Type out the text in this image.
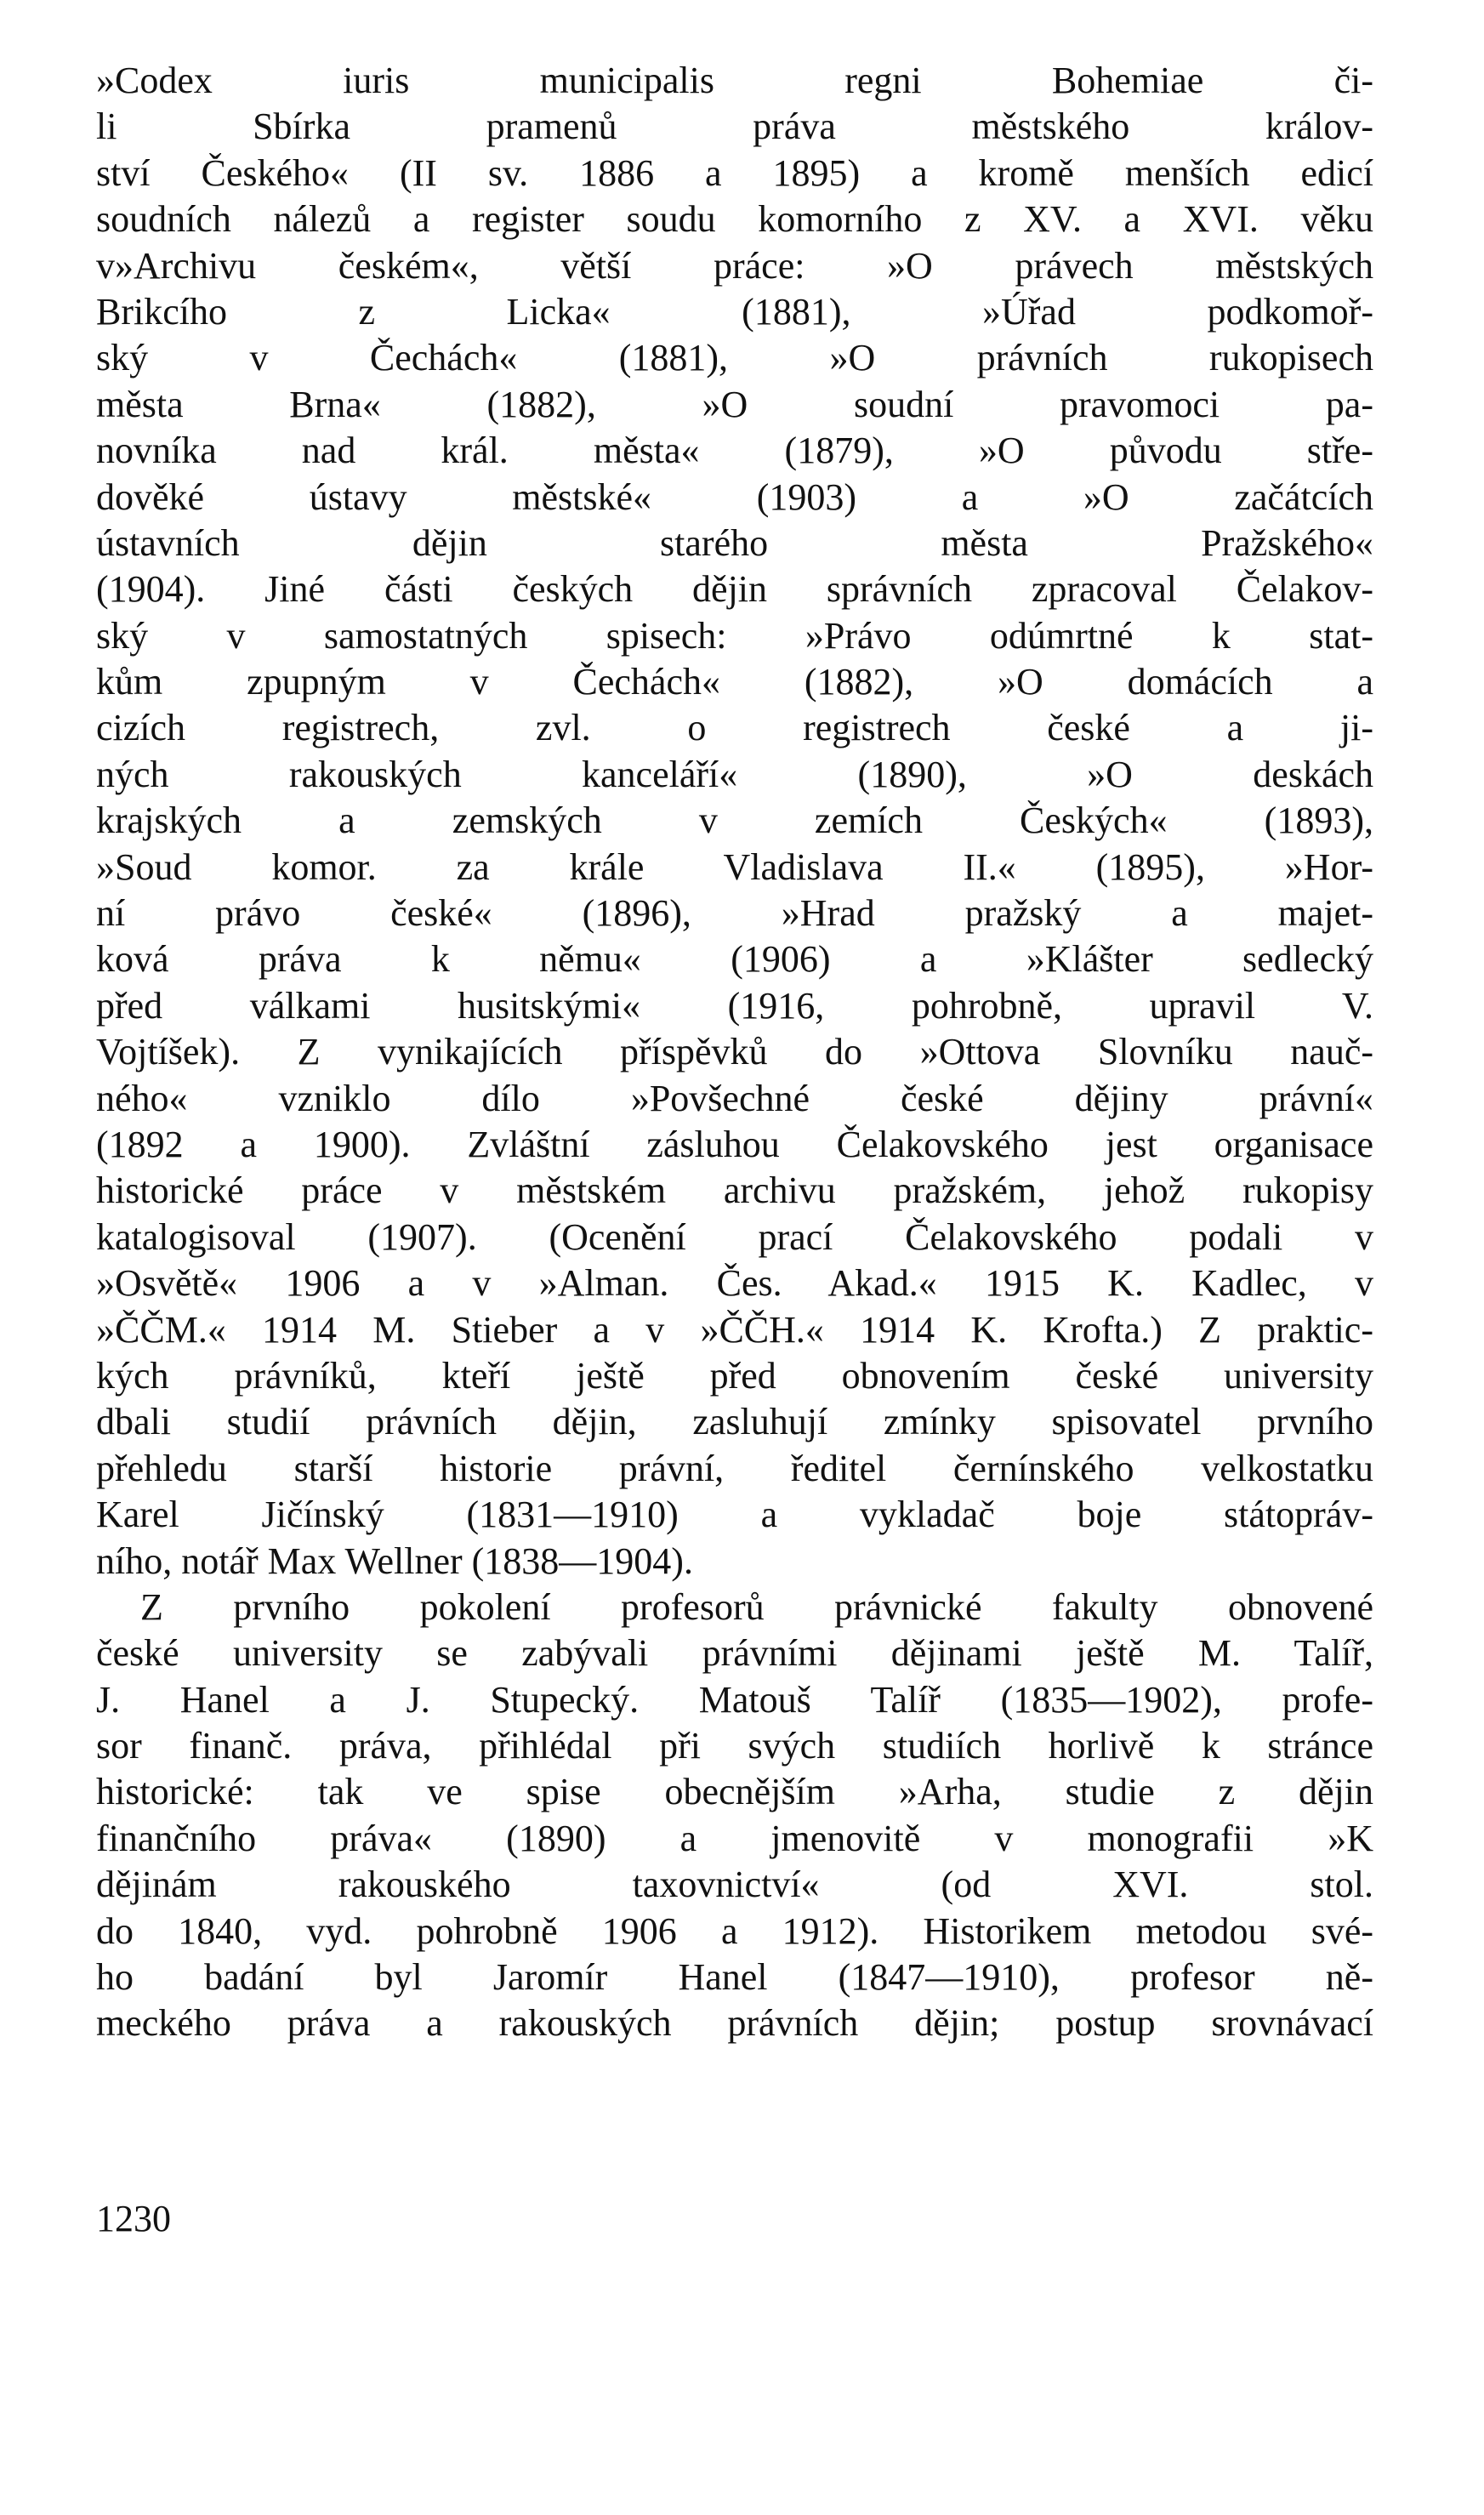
»Codex iuris municipalis regni Bohemiae či-
li Sbírka pramenů práva městského králov-
ství Českého« (II sv. 1886 a 1895) a kromě menších edicí
soudních nálezů a register soudu komorního z XV. a XVI. věku
v»Archivu českém«, větší práce: »O právech městských
Brikcího z Licka« (1881), »Úřad podkomoř-
ský v Čechách« (1881), »O právních rukopisech
města Brna« (1882), »O soudní pravomoci pa-
novníka nad král. města« (1879), »O původu stře-
dověké ústavy městské« (1903) a »O začátcích
ústavních dějin starého města Pražského«
(1904). Jiné části českých dějin správních zpracoval Čelakov-
ský v samostatných spisech: »Právo odúmrtné k stat-
kům zpupným v Čechách« (1882), »O domácích a
cizích registrech, zvl. o registrech české a ji-
ných rakouských kanceláří« (1890), »O deskách
krajských a zemských v zemích Českých« (1893),
»Soud komor. za krále Vladislava II.« (1895), »Hor-
ní právo české« (1896), »Hrad pražský a majet-
ková práva k němu« (1906) a »Klášter sedlecký
před válkami husitskými« (1916, pohrobně, upravil V.
Vojtíšek). Z vynikajících příspěvků do »Ottova Slovníku nauč-
ného« vzniklo dílo »Povšechné české dějiny právní«
(1892 a 1900). Zvláštní zásluhou Čelakovského jest organisace
historické práce v městském archivu pražském, jehož rukopisy
katalogisoval (1907). (Ocenění prací Čelakovského podali v
»Osvětě« 1906 a v »Alman. Čes. Akad.« 1915 K. Kadlec, v
»ČČM.« 1914 M. Stieber a v »ČČH.« 1914 K. Krofta.) Z praktic-
kých právníků, kteří ještě před obnovením české university
dbali studií právních dějin, zasluhují zmínky spisovatel prvního
přehledu starší historie právní, ředitel černínského velkostatku
Karel Jičínský (1831—1910) a vykladač boje státopráv-
ního, notář Max Wellner (1838—1904).
Z prvního pokolení profesorů právnické fakulty obnovené
české university se zabývali právními dějinami ještě M. Talíř,
J. Hanel a J. Stupecký. Matouš Talíř (1835—1902), profe-
sor finanč. práva, přihlédal při svých studiích horlivě k stránce
historické: tak ve spise obecnějším »Arha, studie z dějin
finančního práva« (1890) a jmenovitě v monografii »K
dějinám rakouského taxovnictví« (od XVI. stol.
do 1840, vyd. pohrobně 1906 a 1912). Historikem metodou své-
ho badání byl Jaromír Hanel (1847—1910), profesor ně-
meckého práva a rakouských právních dějin; postup srovnávací
1230
